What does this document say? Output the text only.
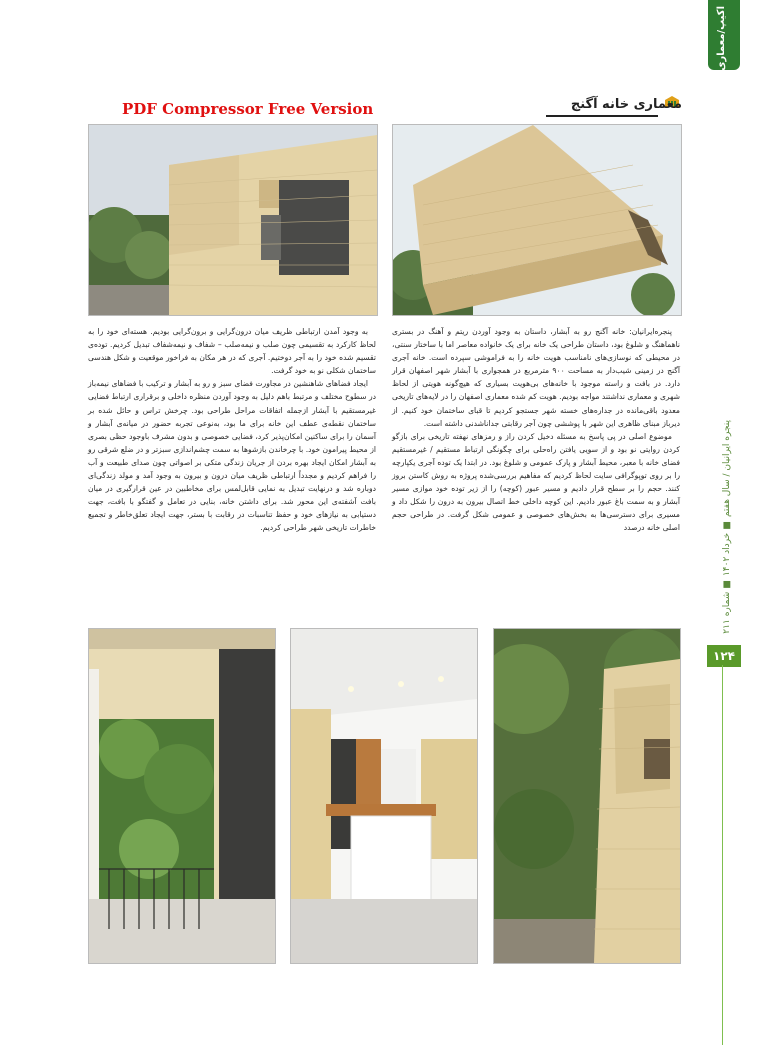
اکیپ/معماری
پنجره ایرانیان / سال هفتم ■ خرداد ۱۴۰۲ ■ شماره ۲۱۱
۱۲۴
PDF Compressor Free Version	معماری خانه آگنج

پنجره‌ایرانیان: خانه آگنج رو به آبشار، داستان به وجود آوردن ریتم و آهنگ در بستری ناهماهنگ و شلوغ بود، داستان طراحی یک خانه برای یک خانواده معاصر اما با ساختار سنتی، در محیطی که نوسازی‌های نامناسب هویت خانه را به فراموشی سپرده است. خانه آجری آگنج در زمینی شیب‌دار به مساحت ۹۰۰ مترمربع در همجواری با آبشار شهر اصفهان قرار دارد. در بافت و راسته موجود با خانه‌های بی‌هویت بسیاری که هیچ‌گونه هویتی از لحاظ شهری و معماری نداشتند مواجه بودیم. هویت کم شده معماری اصفهان را در لایه‌های تاریخی معدود باقی‌مانده در جداره‌های خسته شهر جستجو کردیم تا قبای ساختمان خود کنیم. از دیرباز مبنای ظاهری این شهر با پوششی چون آجر رقابتی جداناشدنی داشته است.

موضوع اصلی در پی پاسخ به مسئله دخیل کردن راز و رمزهای نهفته تاریخی برای بازگو کردن روایتی نو بود و از سویی یافتن راه‌حلی برای چگونگی ارتباط مستقیم / غیرمستقیم فضای خانه با معبر، محیط آبشار و پارک عمومی و شلوغ بود. در ابتدا یک توده آجری یکپارچه را بر روی توپوگرافی سایت لحاظ کردیم که مفاهیم بررسی‌شده پروژه به روش کاستن بروز کنند. حجم را بر سطح قرار دادیم و مسیر عبور (کوچه) را از زیر توده خود موازی مسیر آبشار و به سمت باغ عبور دادیم. این کوچه داخلی خط اتصال بیرون به درون را شکل داد و مسیری برای دسترسی‌ها به بخش‌های خصوصی و عمومی شکل گرفت. در طراحی حجم اصلی خانه درصدد

به وجود آمدن ارتباطی ظریف میان درون‌گرایی و برون‌گرایی بودیم. هسته‌ای خود را به لحاظ کارکرد به تقسیمی چون صلب و نیمه‌صلب – شفاف و نیمه‌شفاف تبدیل کردیم. توده‌ی تقسیم شده خود را به آجر دوختیم. آجری که در هر مکان به فراخور موقعیت و شکل هندسی ساختمان شکلی نو به خود گرفت.

ایجاد فضاهای شاهنشین در مجاورت فضای سبز و رو به آبشار و ترکیب با فضاهای نیمه‌باز در سطوح مختلف و مرتبط باهم دلیل به وجود آوردن منظره داخلی و برقراری ارتباط فضایی غیرمستقیم با آبشار ازجمله اتفاقات مراحل طراحی بود. چرخش تراس و حائل شده بر ساختمان نقطه‌ی عطف این خانه برای ما بود، به‌نوعی تجربه حضور در میانه‌ی آبشار و آسمان را برای ساکنین امکان‌پذیر کرد، فضایی خصوصی و بدون مشرف باوجود حظی بصری از محیط پیرامون خود. با چرخاندن بازشوها به سمت چشم‌اندازی سبزتر و در ضلع شرقی رو به آبشار امکان ایجاد بهره بردن از جریان زندگی متکی بر اصواتی چون صدای طبیعت و آب را فراهم کردیم و مجدداً ارتباطی ظریف میان درون و بیرون به وجود آمد و مولد زندگی‌ای دوباره شد و درنهایت تبدیل به نمایی قابل‌لمس برای مخاطبین در عین قرارگیری در میان بافت آشفته‌ی این محور شد. برای داشتن خانه، بنایی در تعامل و گفتگو با بافت، جهت دستیابی به نیازهای خود و حفظ تناسبات در رقابت با بستر، جهت ایجاد تعلق‌خاطر و تجمیع خاطرات تاریخی شهر طراحی کردیم.
